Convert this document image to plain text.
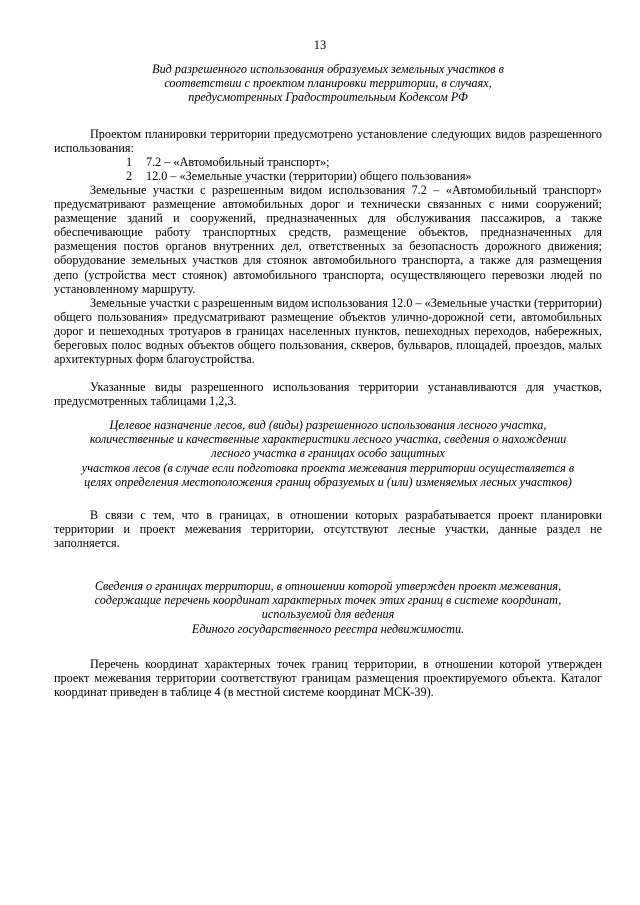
13
Вид разрешенного использования образуемых земельных участков в
соответствии с проектом планировки территории, в случаях,
предусмотренных Градостроительным Кодексом РФ

Проектом планировки территории предусмотрено установление следующих видов разрешенного использования:

1 7.2 – «Автомобильный транспорт»;
2 12.0 – «Земельные участки (территории) общего пользования»

Земельные участки с разрешенным видом использования 7.2 – «Автомобильный транспорт» предусматривают размещение автомобильных дорог и технически связанных с ними сооружений; размещение зданий и сооружений, предназначенных для обслуживания пассажиров, а также обеспечивающие работу транспортных средств, размещение объектов, предназначенных для размещения постов органов внутренних дел, ответственных за безопасность дорожного движения; оборудование земельных участков для стоянок автомобильного транспорта, а также для размещения депо (устройства мест стоянок) автомобильного транспорта, осуществляющего перевозки людей по установленному маршруту.

Земельные участки с разрешенным видом использования 12.0 – «Земельные участки (территории) общего пользования» предусматривают размещение объектов улично-дорожной сети, автомобильных дорог и пешеходных тротуаров в границах населенных пунктов, пешеходных переходов, набережных, береговых полос водных объектов общего пользования, скверов, бульваров, площадей, проездов, малых архитектурных форм благоустройства.

Указанные виды разрешенного использования территории устанавливаются для участков, предусмотренных таблицами 1,2,3.

Целевое назначение лесов, вид (виды) разрешенного использования лесного участка,
количественные и качественные характеристики лесного участка, сведения о нахождении
лесного участка в границах особо защитных
участков лесов (в случае если подготовка проекта межевания территории осуществляется в
целях определения местоположения границ образуемых и (или) изменяемых лесных участков)

В связи с тем, что в границах, в отношении которых разрабатывается проект планировки территории и проект межевания территории, отсутствуют лесные участки, данные раздел не заполняется.

Сведения о границах территории, в отношении которой утвержден проект межевания,
содержащие перечень координат характерных точек этих границ в системе координат,
используемой для ведения
Единого государственного реестра недвижимости.

Перечень координат характерных точек границ территории, в отношении которой утвержден проект межевания территории соответствуют границам размещения проектируемого объекта. Каталог координат приведен в таблице 4 (в местной системе координат МСК-39).
